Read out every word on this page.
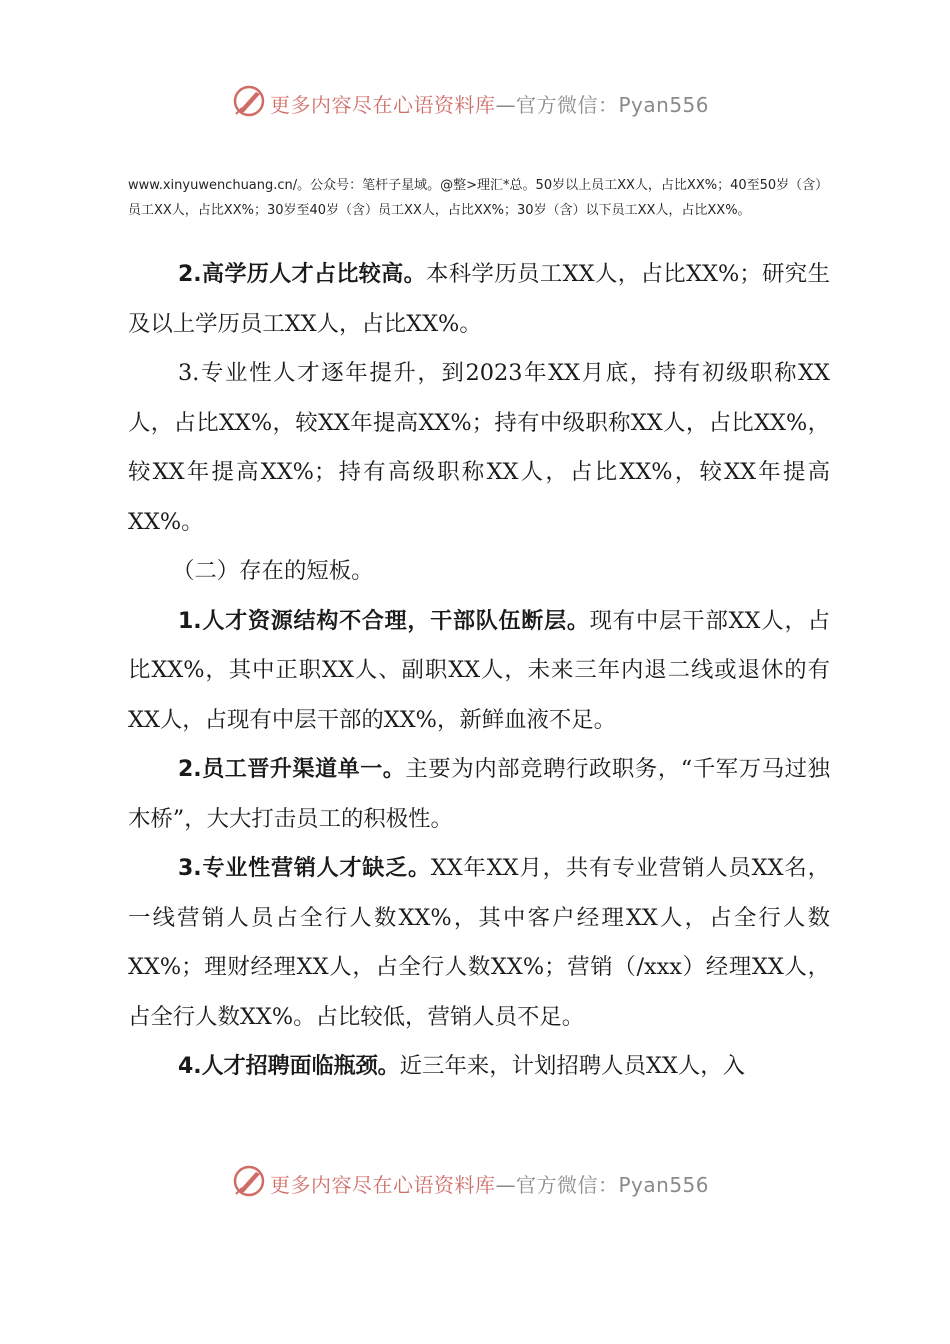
更多内容尽在心语资料库—官方微信：Pyan556

www.xinyuwenchuang.cn/。公众号：笔杆子星域。@整>理汇*总。50岁以上员工XX人，占比XX%；40至50岁（含）员工XX人，占比XX%；30岁至40岁（含）员工XX人，占比XX%；30岁（含）以下员工XX人，占比XX%。

2.高学历人才占比较高。本科学历员工XX人，占比XX%；研究生及以上学历员工XX人，占比XX%。

3.专业性人才逐年提升，到2023年XX月底，持有初级职称XX人，占比XX%，较XX年提高XX%；持有中级职称XX人，占比XX%，较XX年提高XX%；持有高级职称XX人，占比XX%，较XX年提高XX%。

（二）存在的短板。

1.人才资源结构不合理，干部队伍断层。现有中层干部XX人，占比XX%，其中正职XX人、副职XX人，未来三年内退二线或退休的有XX人，占现有中层干部的XX%，新鲜血液不足。

2.员工晋升渠道单一。主要为内部竞聘行政职务，“千军万马过独木桥”，大大打击员工的积极性。

3.专业性营销人才缺乏。XX年XX月，共有专业营销人员XX名，一线营销人员占全行人数XX%，其中客户经理XX人，占全行人数XX%；理财经理XX人，占全行人数XX%；营销（/xxx）经理XX人，占全行人数XX%。占比较低，营销人员不足。

4.人才招聘面临瓶颈。近三年来，计划招聘人员XX人，入

更多内容尽在心语资料库—官方微信：Pyan556
